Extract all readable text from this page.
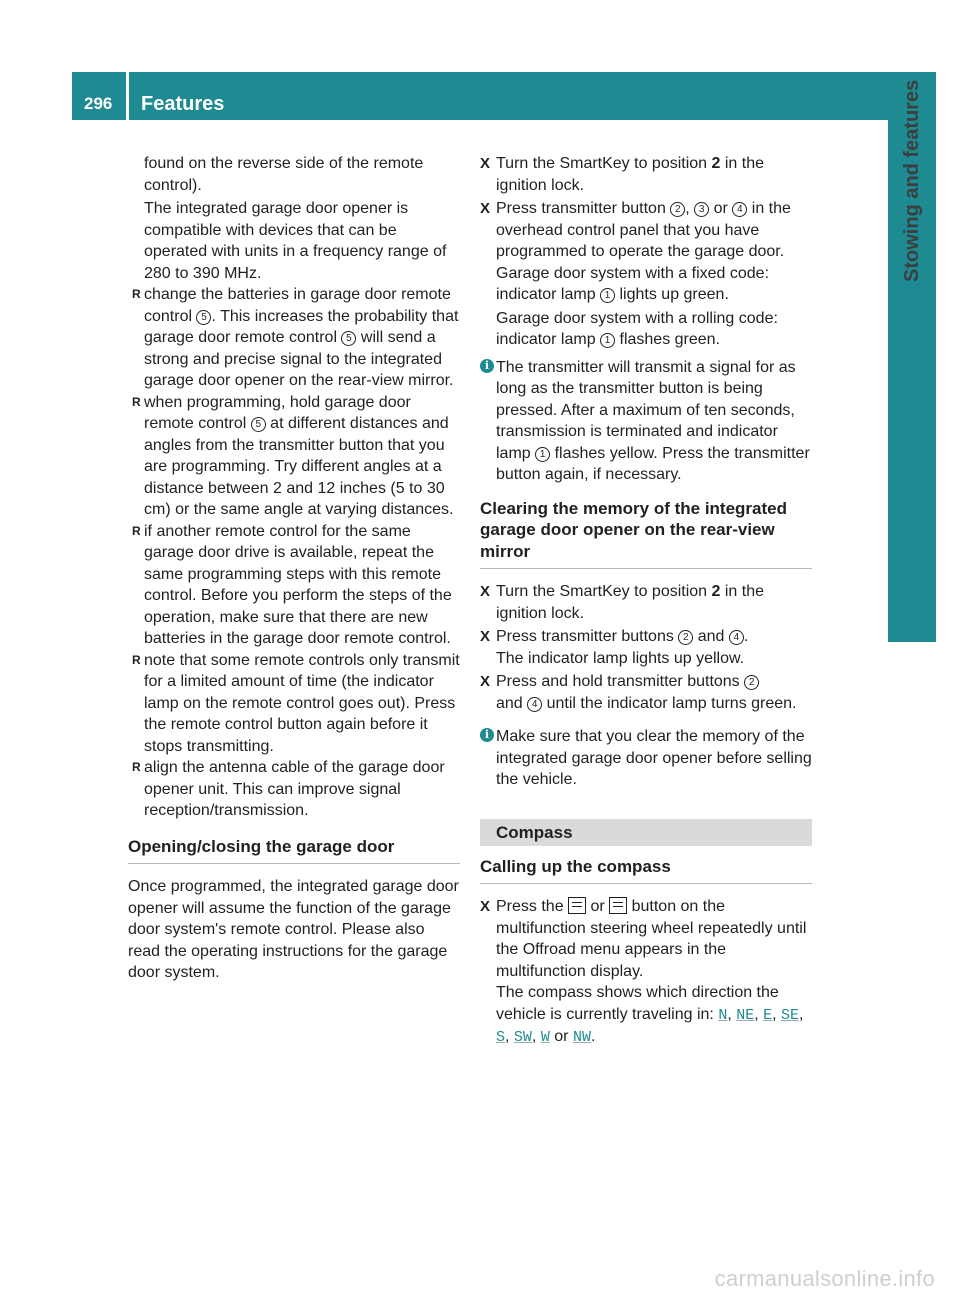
296	Features	Stowing and features

found on the reverse side of the remote control).

The integrated garage door opener is compatible with devices that can be operated with units in a frequency range of 280 to 390 MHz.

R change the batteries in garage door remote control 5 . This increases the probability that garage door remote control 5 will send a strong and precise signal to the integrated garage door opener on the rear-view mirror.
R when programming, hold garage door remote control 5 at different distances and angles from the transmitter button that you are programming. Try different angles at a distance between 2 and 12 inches (5 to 30 cm) or the same angle at varying distances.
R if another remote control for the same garage door drive is available, repeat the same programming steps with this remote control. Before you perform the steps of the operation, make sure that there are new batteries in the garage door remote control.
R note that some remote controls only transmit for a limited amount of time (the indicator lamp on the remote control goes out). Press the remote control button again before it stops transmitting.
R align the antenna cable of the garage door opener unit. This can improve signal reception/transmission.
Opening/closing the garage door

Once programmed, the integrated garage door opener will assume the function of the garage door system's remote control. Please also read the operating instructions for the garage door system.

X Turn the SmartKey to position 2 in the ignition lock.
X Press transmitter button 2 , 3 or 4 in the overhead control panel that you have programmed to operate the garage door.
Garage door system with a fixed code: indicator lamp 1 lights up green.

Garage door system with a rolling code: indicator lamp 1 flashes green.

i The transmitter will transmit a signal for as long as the transmitter button is being pressed. After a maximum of ten seconds, transmission is terminated and indicator lamp 1 flashes yellow. Press the transmitter button again, if necessary.
Clearing the memory of the integrated garage door opener on the rear-view mirror
X Turn the SmartKey to position 2 in the ignition lock.
X Press transmitter buttons 2 and 4 .
The indicator lamp lights up yellow.
X Press and hold transmitter buttons 2
and 4 until the indicator lamp turns green.
i Make sure that you clear the memory of the integrated garage door opener before selling the vehicle.
Compass
Calling up the compass
X Press the  or  button on the multifunction steering wheel repeatedly until the Offroad menu appears in the multifunction display.
The compass shows which direction the vehicle is currently traveling in: N, NE, E, SE, S, SW, W or NW.
carmanualsonline.info
